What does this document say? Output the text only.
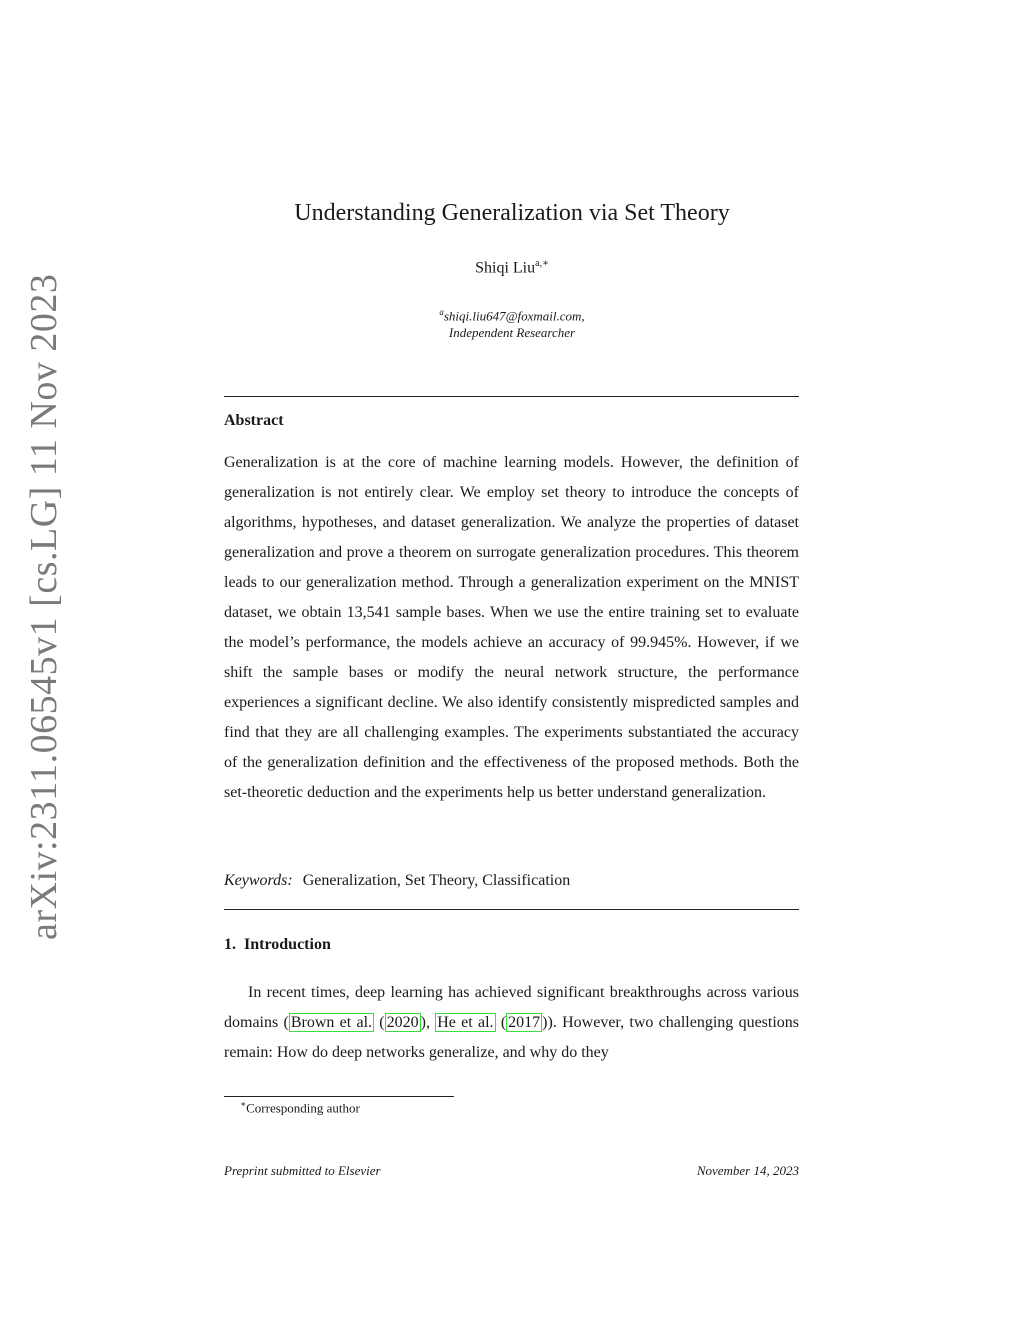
arXiv:2311.06545v1 [cs.LG] 11 Nov 2023
Understanding Generalization via Set Theory
Shiqi Liu$^{a,∗}$
$^a$shiqi.liu647@foxmail.com,
Independent Researcher
Abstract
Generalization is at the core of machine learning models. However, the definition of generalization is not entirely clear. We employ set theory to introduce the concepts of algorithms, hypotheses, and dataset generalization. We analyze the properties of dataset generalization and prove a theorem on surrogate generalization procedures. This theorem leads to our generalization method. Through a generalization experiment on the MNIST dataset, we obtain 13,541 sample bases. When we use the entire training set to evaluate the model’s performance, the models achieve an accuracy of 99.945%. However, if we shift the sample bases or modify the neural network structure, the performance experiences a significant decline. We also identify consistently mispredicted samples and find that they are all challenging examples. The experiments substantiated the accuracy of the generalization definition and the effectiveness of the proposed methods. Both the set-theoretic deduction and the experiments help us better understand generalization.
Keywords: Generalization, Set Theory, Classification
1. Introduction
In recent times, deep learning has achieved significant breakthroughs across various domains ( Brown et al. ( 2020 ), He et al. ( 2017 )). However, two challenging questions remain: How do deep networks generalize, and why do they
∗Corresponding author
Preprint submitted to Elsevier	November 14, 2023
